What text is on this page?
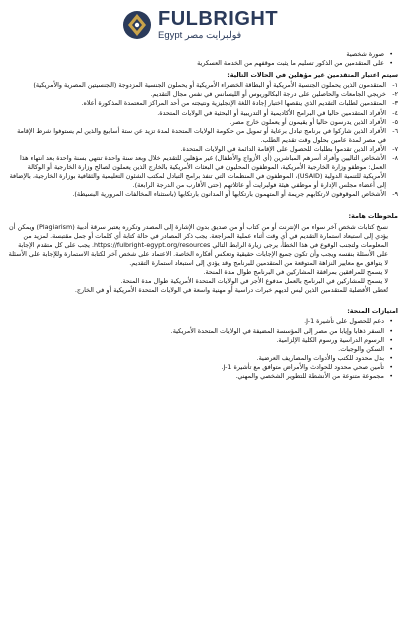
FULBRIGHT
Egypt فولبرايت مصر
• صورة شخصية
• على المتقدمين من الذكور تسليم ما يثبت موقفهم من الخدمة العسكرية
سيتم اعتبار المتقدمين غير مؤهلين في الحالات التالية:
١-
المتقدمون الذين يحملون الجنسية الأمريكية أو البطاقة الخضراء الأمريكية أو يحملون الجنسية المزدوجة (الجنسيتين المصرية والأمريكية)
٢-
خريجي الجامعات والحاصلين على درجة البكالوريوس أو الليسانس في نفس مجال التقديم.
٣-
المتقدمين لطلبات التقديم الذي ينقصها اختبار إجادة اللغة الإنجليزية ونتيجته من أحد المراكز المعتمدة المذكورة أعلاه.
٤-
الأفراد المتقدمين حاليا في البرامج الأكاديمية أو التدريبية أو البحثية في الولايات المتحدة.
٥-
الأفراد الذين يدرسون حاليا أو يقيمون أو يعملون خارج مصر.
٦-
الأفراد الذين شاركوا في برنامج تبادل برعاية أو تمويل من حكومة الولايات المتحدة لمدة تزيد عن ستة أسابيع والذين لم يستوفوا شرط الإقامة في مصر لمدة عامين بحلول وقت تقديم الطلب.
٧-
الأفراد الذين تقدموا بطلبات للحصول على الإقامة الدائمة في الولايات المتحدة.
٨-
الأشخاص التاليين وأفراد أسرهم المباشرين (أي الأزواج والأطفال) غير مؤهلين للتقديم خلال وبعد سنة واحدة تنتهي بسنة واحدة بعد انتهاء هذا العمل: موظفو وزارة الخارجية الأمريكية، الموظفون المحليون في البعثات الأمريكية بالخارج الذين يعملون لصالح وزارة الخارجية أو الوكالة الأمريكية للتنمية الدولية (USAID)، الموظفون في المنظمات التي تنفذ برامج التبادل لمكتب الشئون التعليمية والثقافية بوزارة الخارجية، بالإضافة إلى أعضاء مجلس الإدارة أو موظفي هيئة فولبرايت أو عائلاتهم (حتى الأقارب من الدرجة الرابعة).
٩-
الأشخاص الموقوفون لارتكابهم جريمة أو المتهمون بارتكابها أو المدانون بارتكابها (باستثناء المخالفات المرورية البسيطة).
ملحوظات هامة:

نسخ كتابات شخص آخر سواء من الإنترنت أو من كتاب أو من صديق بدون الإشارة إلى المصدر وتكرره يعتبر سرقة أدبية (Plagiarism) ويمكن أن يؤدي إلى استبعاد استمارة التقديم في أي وقت أثناء عملية المراجعة. يجب ذكر المصادر في حالة كتابة أي كلمات أو جمل مقتبسة. لمزيد من المعلومات ولتجنب الوقوع في هذا الخطأ، يرجى زيارة الرابط التالي https://fulbright-egypt.org/resources. يجب على كل متقدم الإجابة على الأسئلة بنفسه ويجب وأن تكون جميع الإجابات حقيقية وتعكس أفكاره الخاصة. الاعتماد على شخص آخر لكتابة الاستمارة وللإجابة على الأسئلة لا يتوافق مع معايير النزاهة المتوقعة من المتقدمين للبرنامج وقد يؤدي إلى استبعاد استمارة التقديم.

لا يسمح للمرافقين بمرافقة المشاركين في البرنامج طوال مدة المنحة.

لا يسمح للمشاركين في البرنامج بالعمل مدفوع الأجر في الولايات المتحدة الأمريكية طوال مدة المنحة.

تُعطى الأفضلية للمتقدمين الذين ليس لديهم خبرات دراسية أو مهنية واسعة في الولايات المتحدة الأمريكية أو في الخارج.

امتيازات المنحة:
• دعم للحصول على تأشيرة J-1.
• السفر ذهابا وإيابا من مصر إلى المؤسسة المضيفة في الولايات المتحدة الأمريكية.
• الرسوم الدراسية ورسوم الكلية الإلزامية.
• السكن والوجبات.
• بدل محدود للكتب والأدوات والمصاريف العرضية.
• تأمين صحي محدود للحوادث والأمراض متوافق مع تأشيرة J-1.
• مجموعة متنوعة من الأنشطة للتطوير الشخصي والمهني.
